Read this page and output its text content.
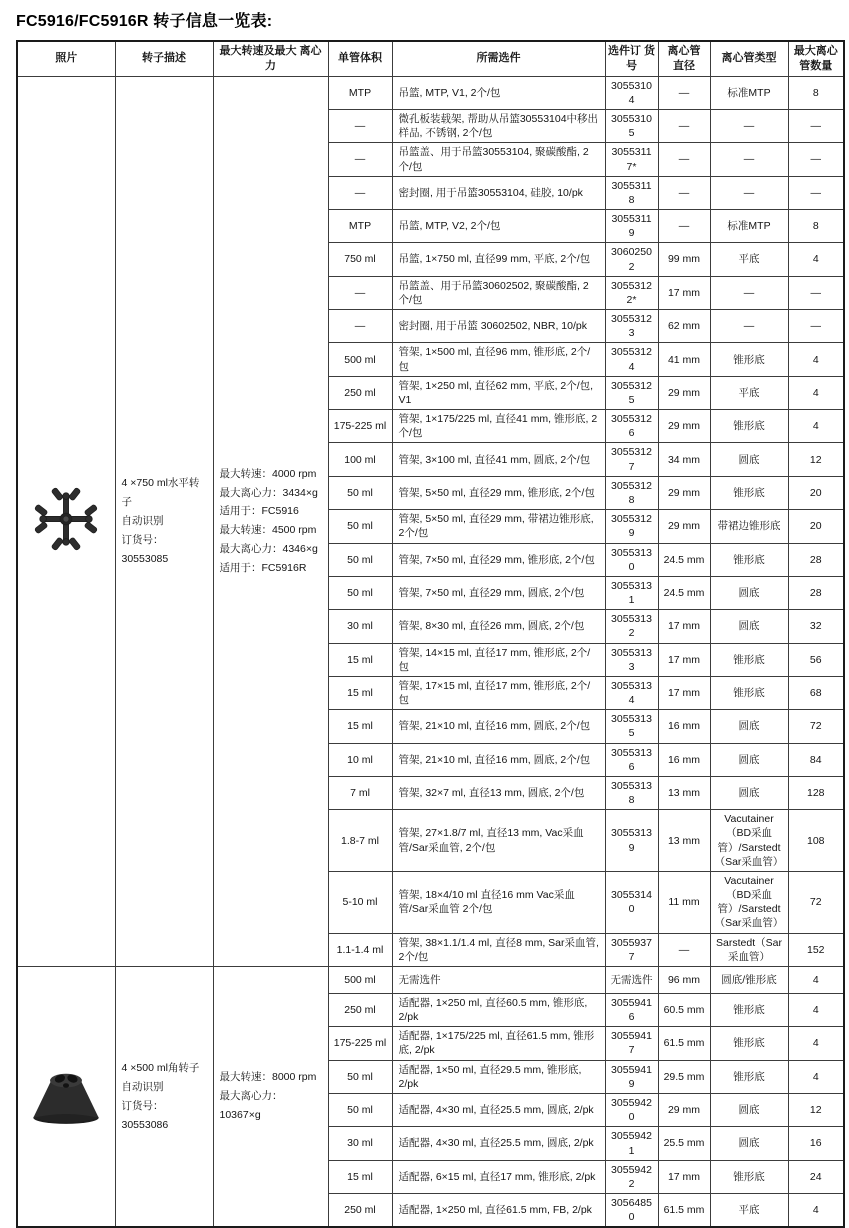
FC5916/FC5916R 转子信息一览表:
照片	转子描述	最大转速及最大 离心力	单管体积	所需选件	选件订 货号	离心管 直径	离心管类型	最大离心 管数量

4 ×750 ml水平转子
自动识别
订货号：30553085

最大转速：4000 rpm
最大离心力：3434×g
适用于：FC5916
最大转速：4500 rpm
最大离心力：4346×g
适用于：FC5916R
	MTP	吊篮, MTP, V1, 2个/包	30553104	—	标准MTP	8
			—	微孔板装载架, 帮助从吊篮30553104中移出样品, 不锈钢, 2个/包	30553105	—	—	—
			—	吊篮盖、用于吊篮30553104, 聚碳酸酯, 2个/包	30553117*	—	—	—
			—	密封圈, 用于吊篮30553104, 硅胶, 10/pk	30553118	—	—	—
			MTP	吊篮, MTP, V2, 2个/包	30553119	—	标准MTP	8
			750 ml	吊篮, 1×750 ml, 直径99 mm, 平底, 2个/包	30602502	99 mm	平底	4
			—	吊篮盖、用于吊篮30602502, 聚碳酸酯, 2个/包	30553122*	17 mm	—	—
			—	密封圈, 用于吊篮 30602502, NBR, 10/pk	30553123	62 mm	—	—
			500 ml	管架, 1×500 ml, 直径96 mm, 锥形底, 2个/包	30553124	41 mm	锥形底	4
			250 ml	管架, 1×250 ml, 直径62 mm, 平底, 2个/包, V1	30553125	29 mm	平底	4
			175-225 ml	管架, 1×175/225 ml, 直径41 mm, 锥形底, 2个/包	30553126	29 mm	锥形底	4
			100 ml	管架, 3×100 ml, 直径41 mm, 圆底, 2个/包	30553127	34 mm	圆底	12
			50 ml	管架, 5×50 ml, 直径29 mm, 锥形底, 2个/包	30553128	29 mm	锥形底	20
			50 ml	管架, 5×50 ml, 直径29 mm, 带裙边锥形底, 2个/包	30553129	29 mm	带裙边锥形底	20
			50 ml	管架, 7×50 ml, 直径29 mm, 锥形底, 2个/包	30553130	24.5 mm	锥形底	28
			50 ml	管架, 7×50 ml, 直径29 mm, 圆底, 2个/包	30553131	24.5 mm	圆底	28
			30 ml	管架, 8×30 ml, 直径26 mm, 圆底, 2个/包	30553132	17 mm	圆底	32
			15 ml	管架, 14×15 ml, 直径17 mm, 锥形底, 2个/包	30553133	17 mm	锥形底	56
			15 ml	管架, 17×15 ml, 直径17 mm, 锥形底, 2个/包	30553134	17 mm	锥形底	68
			15 ml	管架, 21×10 ml, 直径16 mm, 圆底, 2个/包	30553135	16 mm	圆底	72
			10 ml	管架, 21×10 ml, 直径16 mm, 圆底, 2个/包	30553136	16 mm	圆底	84
			7 ml	管架, 32×7 ml, 直径13 mm, 圆底, 2个/包	30553138	13 mm	圆底	128
			1.8-7 ml	管架, 27×1.8/7 ml, 直径13 mm, Vac采血管/Sar采血管, 2个/包	30553139	13 mm	Vacutainer（BD采血管）/Sarstedt（Sar采血管）	108
			5-10 ml	管架, 18×4/10 ml 直径16 mm Vac采血管/Sar采血管 2个/包	30553140	11 mm	Vacutainer（BD采血管）/Sarstedt（Sar采血管）	72
			1.1-1.4 ml	管架, 38×1.1/1.4 ml, 直径8 mm, Sar采血管, 2个/包	30559377	—	Sarstedt（Sar采血管）	152

4 ×500 ml角转子
自动识别
订货号：30553086

最大转速：8000 rpm
最大离心力：10367×g
	500 ml	无需选件	无需选件	96 mm	圆底/锥形底	4
			250 ml	适配器, 1×250 ml, 直径60.5 mm, 锥形底, 2/pk	30559416	60.5 mm	锥形底	4
			175-225 ml	适配器, 1×175/225 ml, 直径61.5 mm, 锥形底, 2/pk	30559417	61.5 mm	锥形底	4
			50 ml	适配器, 1×50 ml, 直径29.5 mm, 锥形底, 2/pk	30559419	29.5 mm	锥形底	4
			50 ml	适配器, 4×30 ml, 直径25.5 mm, 圆底, 2/pk	30559420	29 mm	圆底	12
			30 ml	适配器, 4×30 ml, 直径25.5 mm, 圆底, 2/pk	30559421	25.5 mm	圆底	16
			15 ml	适配器, 6×15 ml, 直径17 mm, 锥形底, 2/pk	30559422	17 mm	锥形底	24
			250 ml	适配器, 1×250 ml, 直径61.5 mm, FB, 2/pk	30564850	61.5 mm	平底	4
